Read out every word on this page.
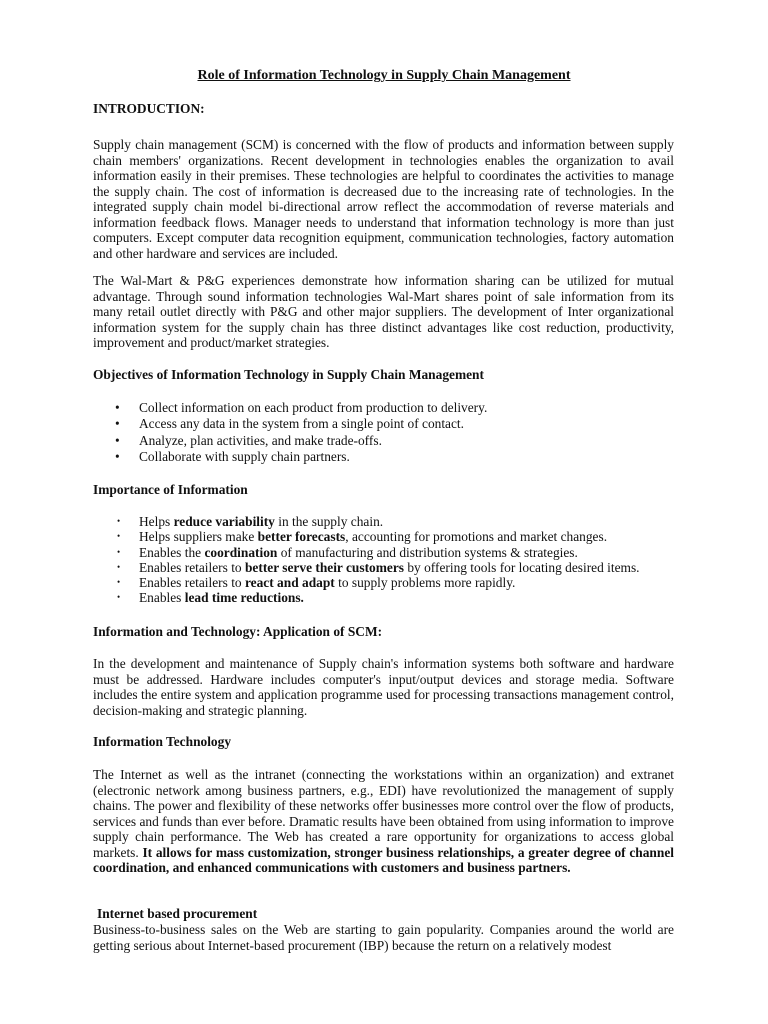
Role of Information Technology in Supply Chain Management

INTRODUCTION:

Supply chain management (SCM) is concerned with the flow of products and information between supply chain members' organizations. Recent development in technologies enables the organization to avail information easily in their premises. These technologies are helpful to coordinates the activities to manage the supply chain. The cost of information is decreased due to the increasing rate of technologies. In the integrated supply chain model bi-directional arrow reflect the accommodation of reverse materials and information feedback flows. Manager needs to understand that information technology is more than just computers. Except computer data recognition equipment, communication technologies, factory automation and other hardware and services are included.

The Wal-Mart & P&G experiences demonstrate how information sharing can be utilized for mutual advantage. Through sound information technologies Wal-Mart shares point of sale information from its many retail outlet directly with P&G and other major suppliers. The development of Inter organizational information system for the supply chain has three distinct advantages like cost reduction, productivity, improvement and product/market strategies.

Objectives of Information Technology in Supply Chain Management

• Collect information on each product from production to delivery.
• Access any data in the system from a single point of contact.
• Analyze, plan activities, and make trade-offs.
• Collaborate with supply chain partners.

Importance of Information

• Helps reduce variability in the supply chain.
• Helps suppliers make better forecasts, accounting for promotions and market changes.
• Enables the coordination of manufacturing and distribution systems & strategies.
• Enables retailers to better serve their customers by offering tools for locating desired items.
• Enables retailers to react and adapt to supply problems more rapidly.
• Enables lead time reductions.

Information and Technology: Application of SCM:

In the development and maintenance of Supply chain's information systems both software and hardware must be addressed. Hardware includes computer's input/output devices and storage media. Software includes the entire system and application programme used for processing transactions management control, decision-making and strategic planning.

Information Technology

The Internet as well as the intranet (connecting the workstations within an organization) and extranet (electronic network among business partners, e.g., EDI) have revolutionized the management of supply chains. The power and flexibility of these networks offer businesses more control over the flow of products, services and funds than ever before. Dramatic results have been obtained from using information to improve supply chain performance. The Web has created a rare opportunity for organizations to access global markets. It allows for mass customization, stronger business relationships, a greater degree of channel coordination, and enhanced communications with customers and business partners.

Internet based procurement

Business-to-business sales on the Web are starting to gain popularity. Companies around the world are getting serious about Internet-based procurement (IBP) because the return on a relatively modest
